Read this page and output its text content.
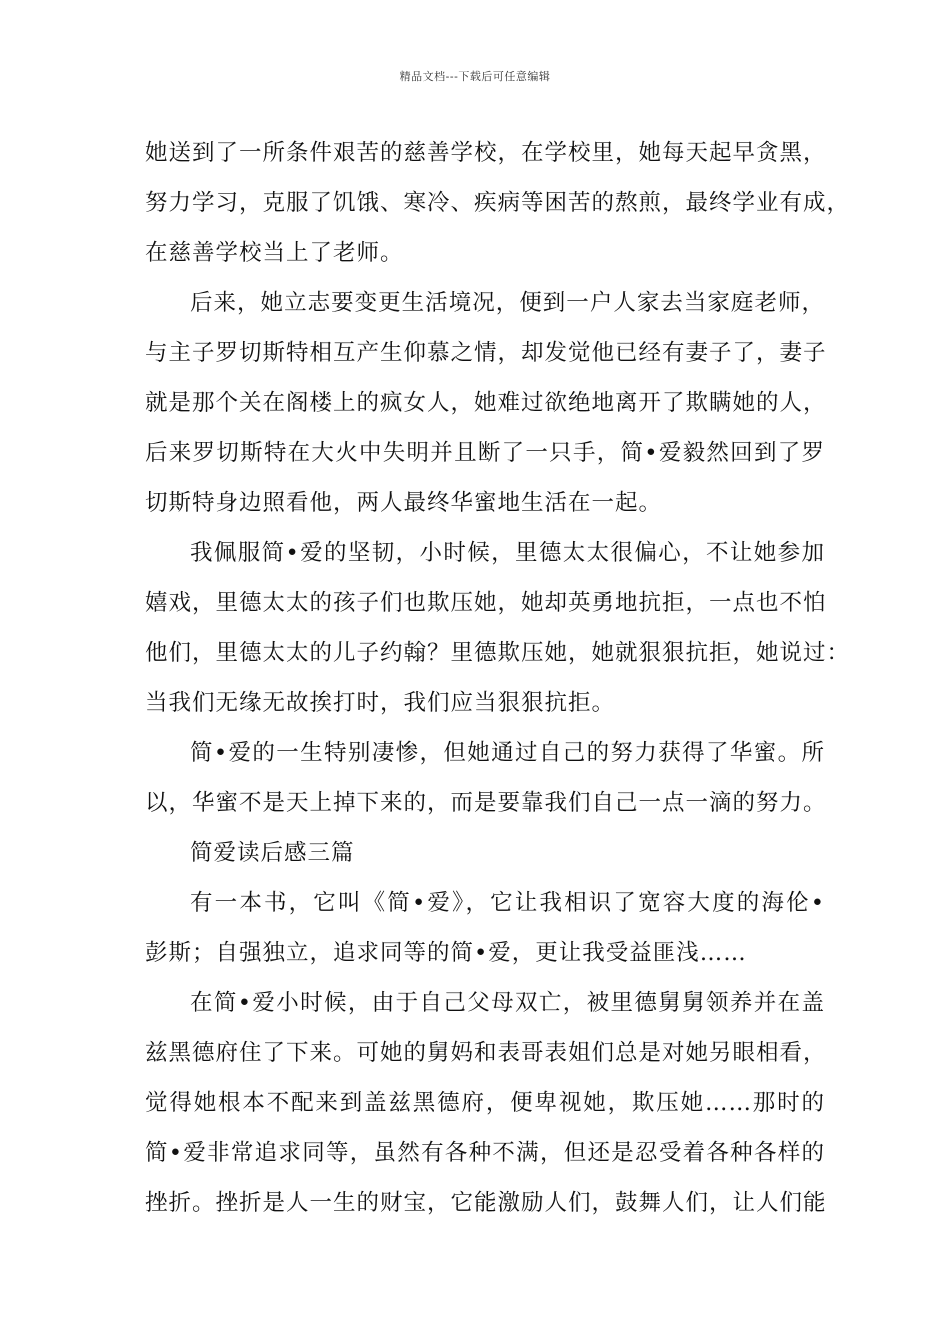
精品文档---下载后可任意编辑
她送到了一所条件艰苦的慈善学校，在学校里，她每天起早贪黑，
努力学习，克服了饥饿、寒冷、疾病等困苦的熬煎，最终学业有成，
在慈善学校当上了老师。
后来，她立志要变更生活境况，便到一户人家去当家庭老师，
与主子罗切斯特相互产生仰慕之情，却发觉他已经有妻子了，妻子
就是那个关在阁楼上的疯女人，她难过欲绝地离开了欺瞒她的人，
后来罗切斯特在大火中失明并且断了一只手，简•爱毅然回到了罗
切斯特身边照看他，两人最终华蜜地生活在一起。
我佩服简•爱的坚韧，小时候，里德太太很偏心，不让她参加
嬉戏，里德太太的孩子们也欺压她，她却英勇地抗拒，一点也不怕
他们，里德太太的儿子约翰？里德欺压她，她就狠狠抗拒，她说过：
当我们无缘无故挨打时，我们应当狠狠抗拒。
简•爱的一生特别凄惨，但她通过自己的努力获得了华蜜。所
以，华蜜不是天上掉下来的，而是要靠我们自己一点一滴的努力。
简爱读后感三篇
有一本书，它叫《简•爱》，它让我相识了宽容大度的海伦•
彭斯；自强独立，追求同等的简•爱，更让我受益匪浅……
在简•爱小时候，由于自己父母双亡，被里德舅舅领养并在盖
兹黑德府住了下来。可她的舅妈和表哥表姐们总是对她另眼相看，
觉得她根本不配来到盖兹黑德府，便卑视她，欺压她……那时的
简•爱非常追求同等，虽然有各种不满，但还是忍受着各种各样的
挫折。挫折是人一生的财宝，它能激励人们，鼓舞人们，让人们能
